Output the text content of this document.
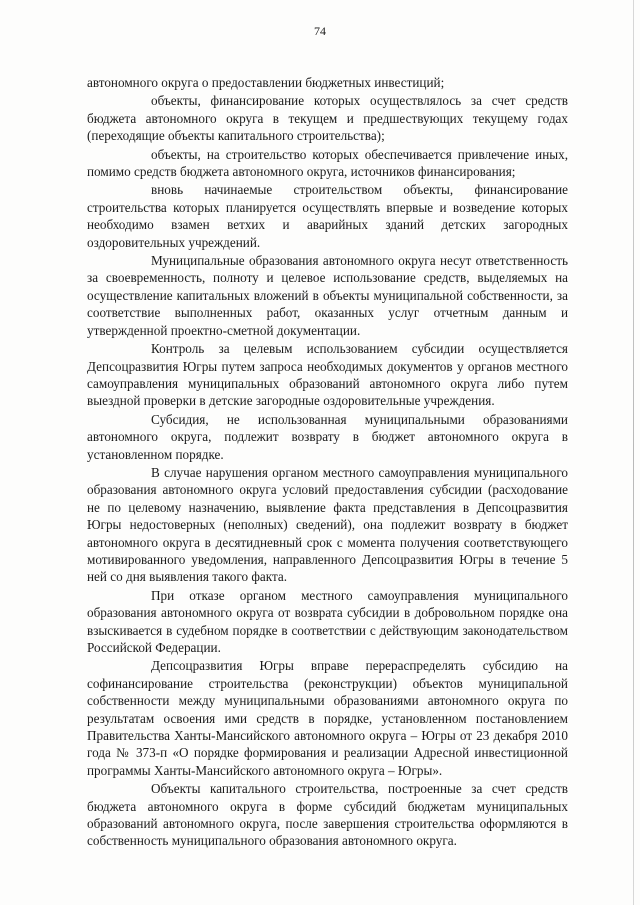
74

автономного округа о предоставлении бюджетных инвестиций;

объекты, финансирование которых осуществлялось за счет средств бюджета автономного округа в текущем и предшествующих текущему годах (переходящие объекты капитального строительства);

объекты, на строительство которых обеспечивается привлечение иных, помимо средств бюджета автономного округа, источников финансирования;

вновь начинаемые строительством объекты, финансирование строительства которых планируется осуществлять впервые и возведение которых необходимо взамен ветхих и аварийных зданий детских загородных оздоровительных учреждений.

Муниципальные образования автономного округа несут ответственность за своевременность, полноту и целевое использование средств, выделяемых на осуществление капитальных вложений в объекты муниципальной собственности, за соответствие выполненных работ, оказанных услуг отчетным данным и утвержденной проектно-сметной документации.

Контроль за целевым использованием субсидии осуществляется Депсоцразвития Югры путем запроса необходимых документов у органов местного самоуправления муниципальных образований автономного округа либо путем выездной проверки в детские загородные оздоровительные учреждения.

Субсидия, не использованная муниципальными образованиями автономного округа, подлежит возврату в бюджет автономного округа в установленном порядке.

В случае нарушения органом местного самоуправления муниципального образования автономного округа условий предоставления субсидии (расходование не по целевому назначению, выявление факта представления в Депсоцразвития Югры недостоверных (неполных) сведений), она подлежит возврату в бюджет автономного округа в десятидневный срок с момента получения соответствующего мотивированного уведомления, направленного Депсоцразвития Югры в течение 5 ней со дня выявления такого факта.

При отказе органом местного самоуправления муниципального образования автономного округа от возврата субсидии в добровольном порядке она взыскивается в судебном порядке в соответствии с действующим законодательством Российской Федерации.

Депсоцразвития Югры вправе перераспределять субсидию на софинансирование строительства (реконструкции) объектов муниципальной собственности между муниципальными образованиями автономного округа по результатам освоения ими средств в порядке, установленном постановлением Правительства Ханты-Мансийского автономного округа – Югры от 23 декабря 2010 года № 373-п «О порядке формирования и реализации Адресной инвестиционной программы Ханты-Мансийского автономного округа – Югры».

Объекты капитального строительства, построенные за счет средств бюджета автономного округа в форме субсидий бюджетам муниципальных образований автономного округа, после завершения строительства оформляются в собственность муниципального образования автономного округа.
